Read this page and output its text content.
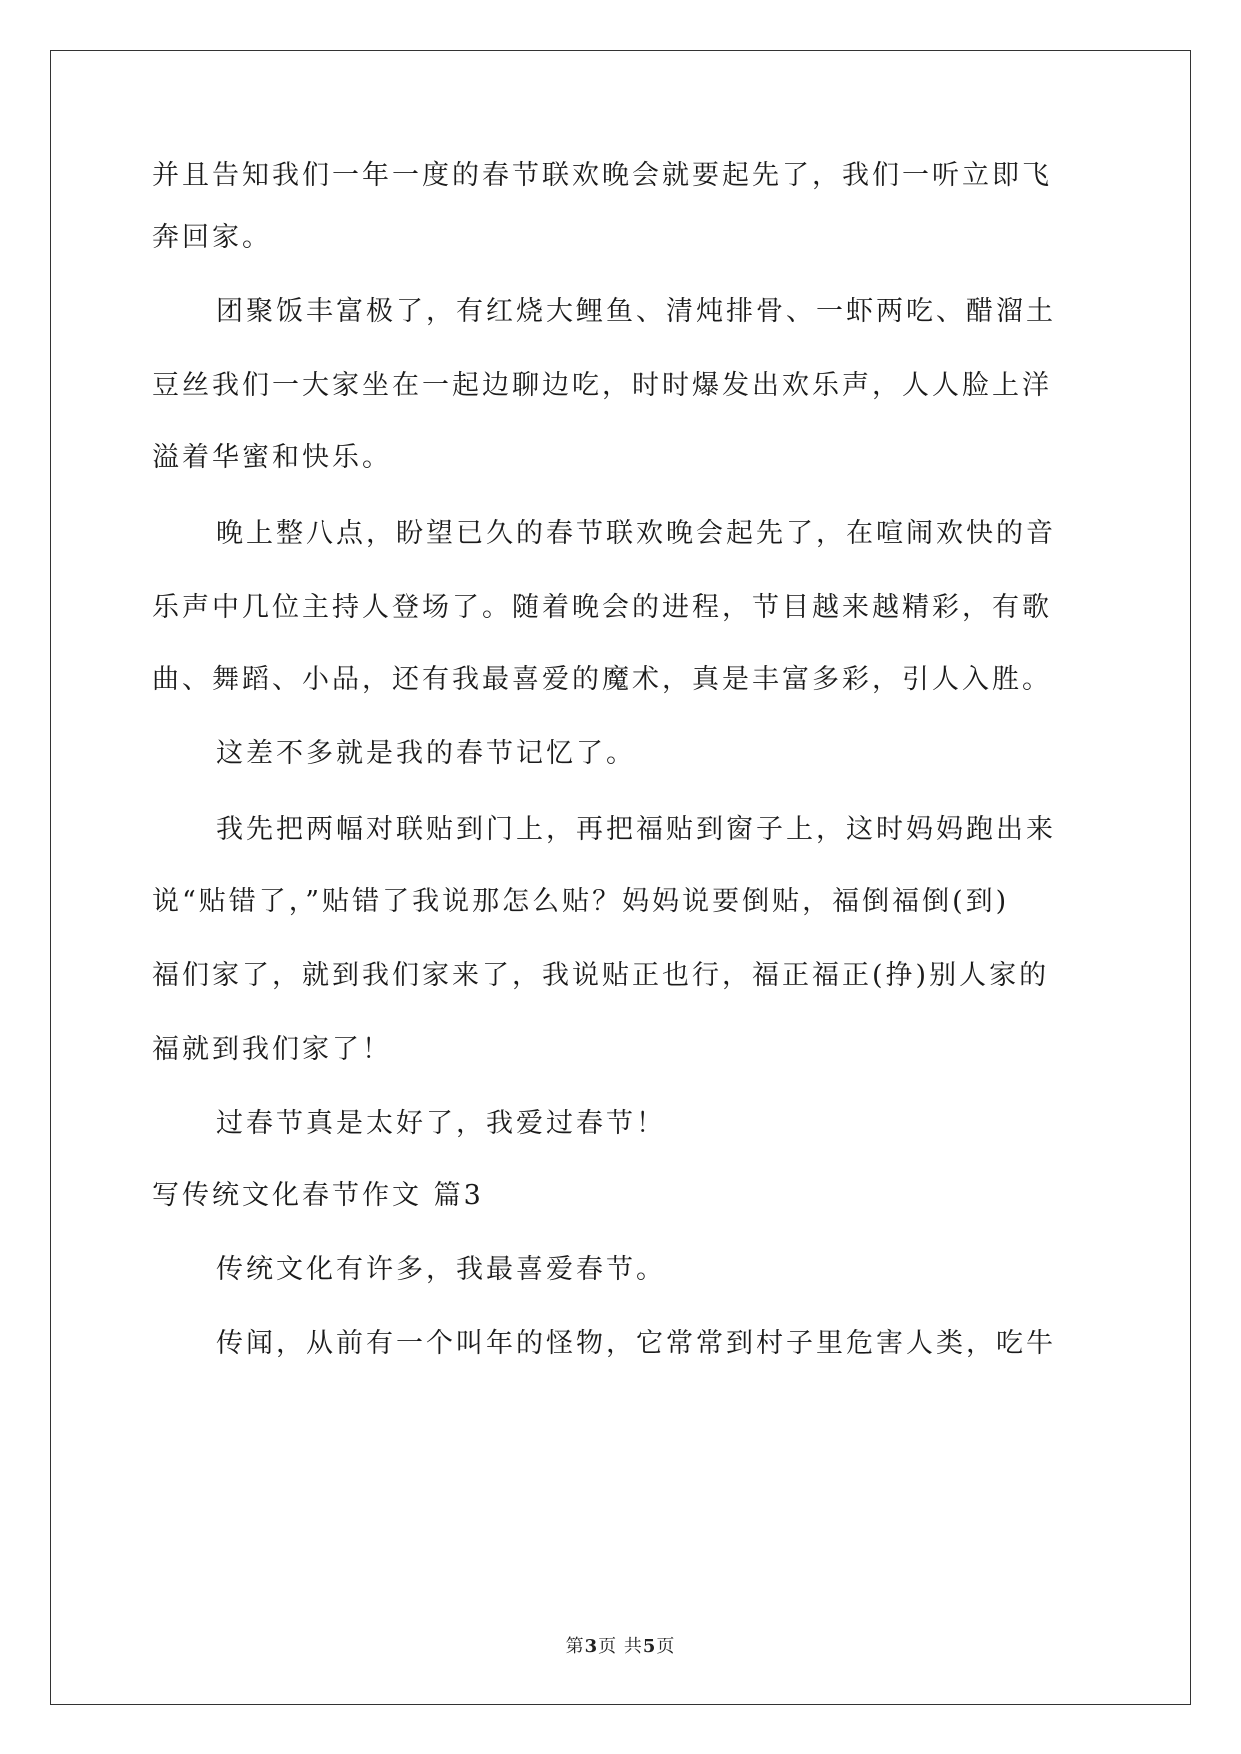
并且告知我们一年一度的春节联欢晚会就要起先了，我们一听立即飞
奔回家。
团聚饭丰富极了，有红烧大鲤鱼、清炖排骨、一虾两吃、醋溜土
豆丝我们一大家坐在一起边聊边吃，时时爆发出欢乐声，人人脸上洋
溢着华蜜和快乐。
晚上整八点，盼望已久的春节联欢晚会起先了，在喧闹欢快的音
乐声中几位主持人登场了。随着晚会的进程，节目越来越精彩，有歌
曲、舞蹈、小品，还有我最喜爱的魔术，真是丰富多彩，引人入胜。
这差不多就是我的春节记忆了。
我先把两幅对联贴到门上，再把福贴到窗子上，这时妈妈跑出来
说“贴错了，”贴错了我说那怎么贴？妈妈说要倒贴，福倒福倒(到)
福们家了，就到我们家来了，我说贴正也行，福正福正(挣)别人家的
福就到我们家了！
过春节真是太好了，我爱过春节！
写传统文化春节作文 篇3
传统文化有许多，我最喜爱春节。
传闻，从前有一个叫年的怪物，它常常到村子里危害人类，吃牛
第3页 共5页
